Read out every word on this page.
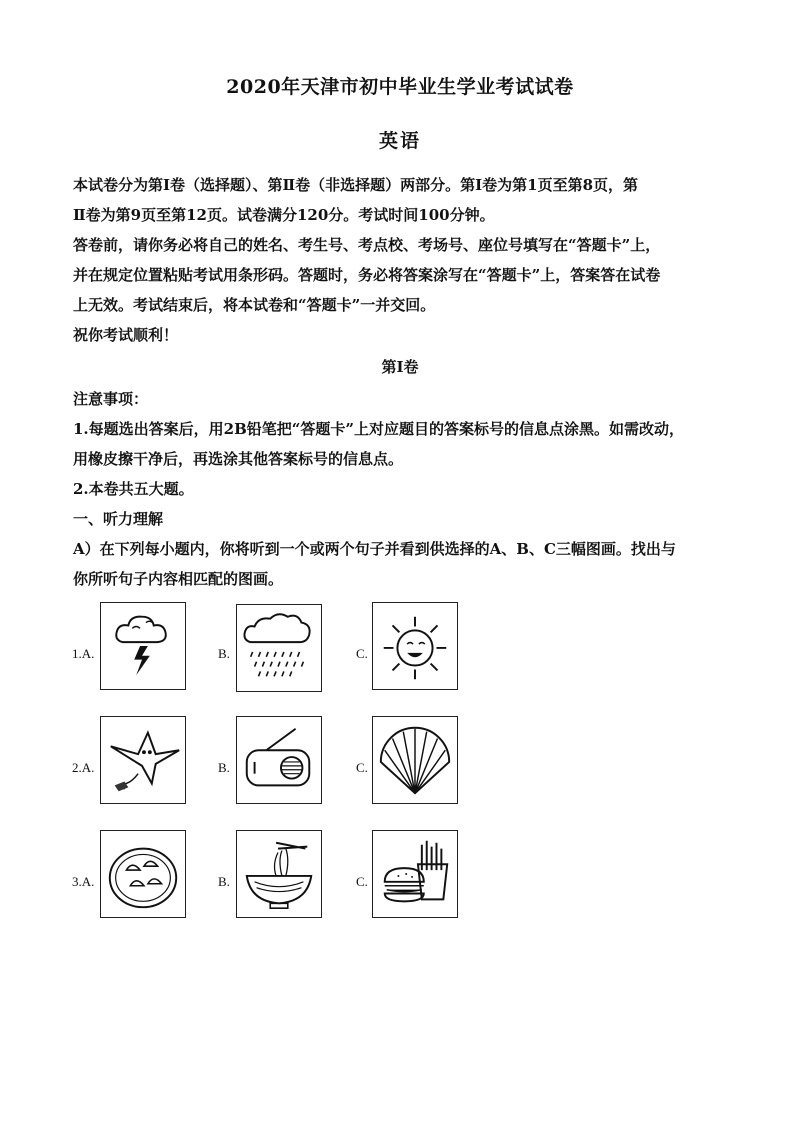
2020年天津市初中毕业生学业考试试卷
英语
本试卷分为第Ⅰ卷（选择题）、第Ⅱ卷（非选择题）两部分。第Ⅰ卷为第1页至第8页，第
Ⅱ卷为第9页至第12页。试卷满分120分。考试时间100分钟。
答卷前，请你务必将自己的姓名、考生号、考点校、考场号、座位号填写在“答题卡”上，
并在规定位置粘贴考试用条形码。答题时，务必将答案涂写在“答题卡”上，答案答在试卷
上无效。考试结束后，将本试卷和“答题卡”一并交回。
祝你考试顺利！
第Ⅰ卷
注意事项：
1.每题选出答案后，用2B铅笔把“答题卡”上对应题目的答案标号的信息点涂黑。如需改动，
用橡皮擦干净后，再选涂其他答案标号的信息点。
2.本卷共五大题。
一、听力理解
A）在下列每小题内，你将听到一个或两个句子并看到供选择的A、B、C三幅图画。找出与
你所听句子内容相匹配的图画。
1.A.	B.	C.
2.A.	B.	C.
3.A.	B.	C.
